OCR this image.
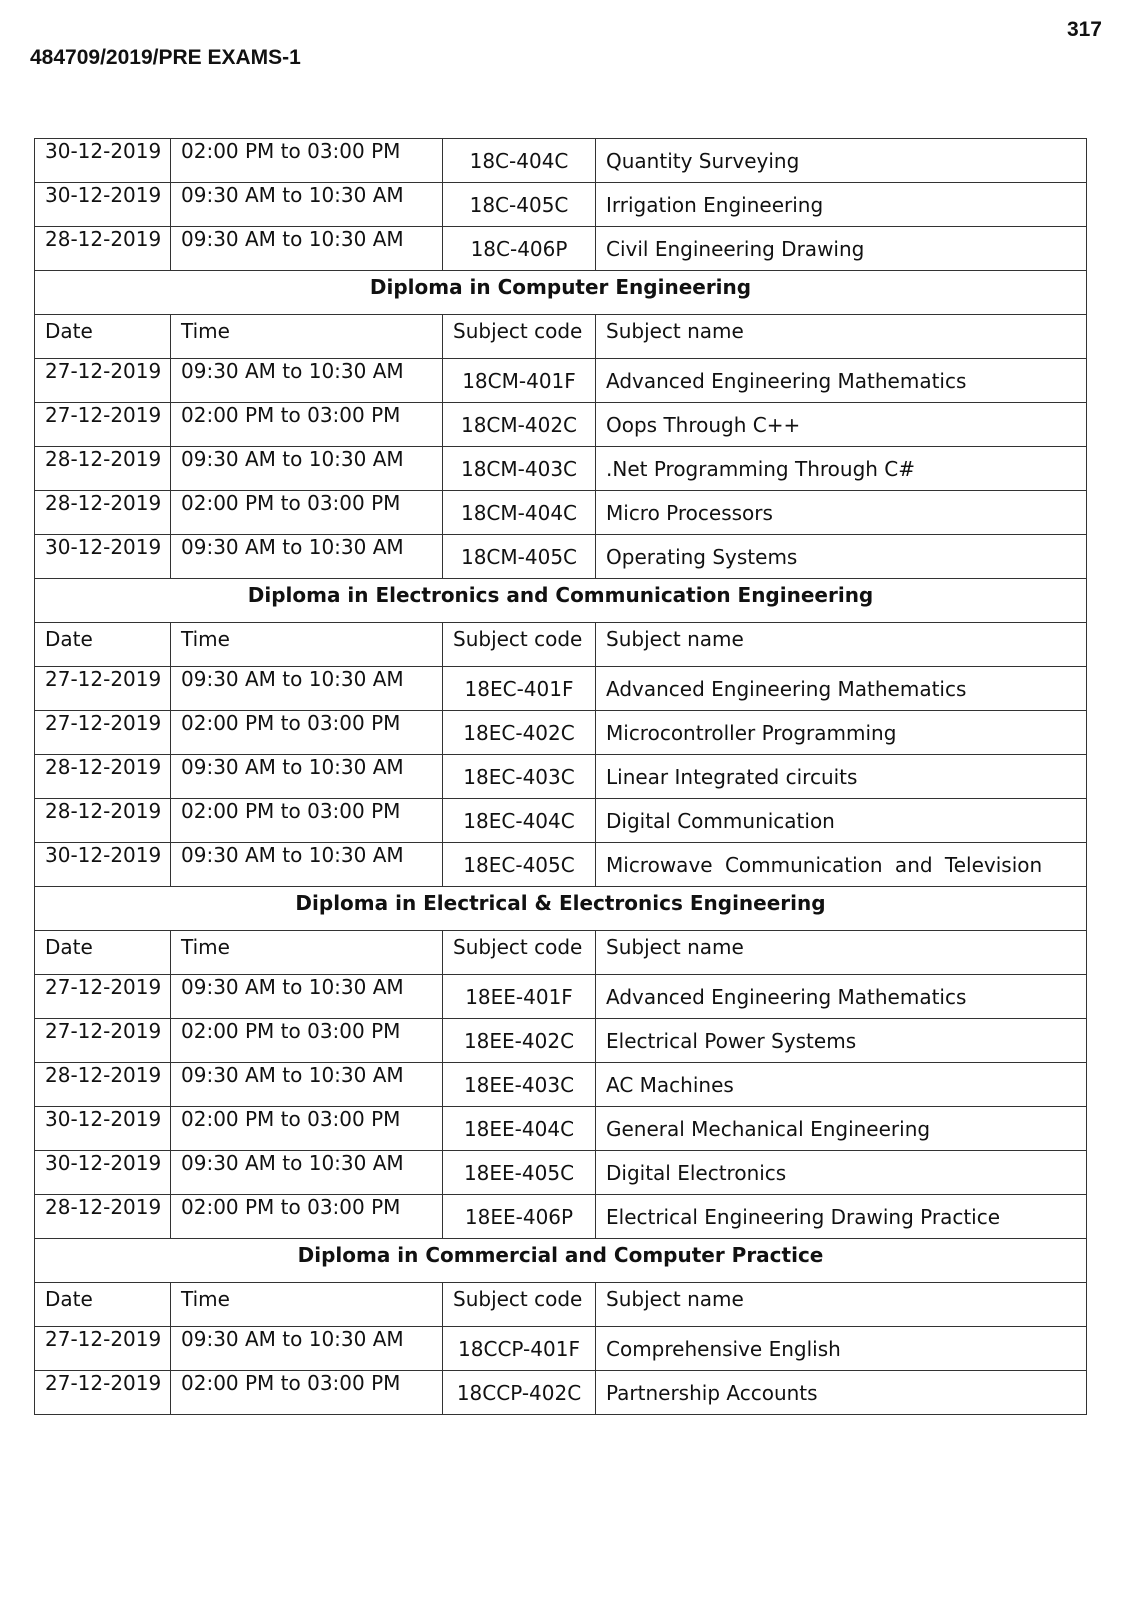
317
484709/2019/PRE EXAMS-1
30-12-2019	02:00 PM to 03:00 PM	18C-404C	Quantity Surveying
30-12-2019	09:30 AM to 10:30 AM	18C-405C	Irrigation Engineering
28-12-2019	09:30 AM to 10:30 AM	18C-406P	Civil Engineering Drawing
Diploma in Computer Engineering			
Date	Time	Subject code	Subject name
27-12-2019	09:30 AM to 10:30 AM	18CM-401F	Advanced Engineering Mathematics
27-12-2019	02:00 PM to 03:00 PM	18CM-402C	Oops Through C++
28-12-2019	09:30 AM to 10:30 AM	18CM-403C	.Net Programming Through C#
28-12-2019	02:00 PM to 03:00 PM	18CM-404C	Micro Processors
30-12-2019	09:30 AM to 10:30 AM	18CM-405C	Operating Systems
Diploma in Electronics and Communication Engineering			
Date	Time	Subject code	Subject name
27-12-2019	09:30 AM to 10:30 AM	18EC-401F	Advanced Engineering Mathematics
27-12-2019	02:00 PM to 03:00 PM	18EC-402C	Microcontroller Programming
28-12-2019	09:30 AM to 10:30 AM	18EC-403C	Linear Integrated circuits
28-12-2019	02:00 PM to 03:00 PM	18EC-404C	Digital Communication
30-12-2019	09:30 AM to 10:30 AM	18EC-405C	Microwave Communication and Television
Diploma in Electrical & Electronics Engineering			
Date	Time	Subject code	Subject name
27-12-2019	09:30 AM to 10:30 AM	18EE-401F	Advanced Engineering Mathematics
27-12-2019	02:00 PM to 03:00 PM	18EE-402C	Electrical Power Systems
28-12-2019	09:30 AM to 10:30 AM	18EE-403C	AC Machines
30-12-2019	02:00 PM to 03:00 PM	18EE-404C	General Mechanical Engineering
30-12-2019	09:30 AM to 10:30 AM	18EE-405C	Digital Electronics
28-12-2019	02:00 PM to 03:00 PM	18EE-406P	Electrical Engineering Drawing Practice
Diploma in Commercial and Computer Practice			
Date	Time	Subject code	Subject name
27-12-2019	09:30 AM to 10:30 AM	18CCP-401F	Comprehensive English
27-12-2019	02:00 PM to 03:00 PM	18CCP-402C	Partnership Accounts
